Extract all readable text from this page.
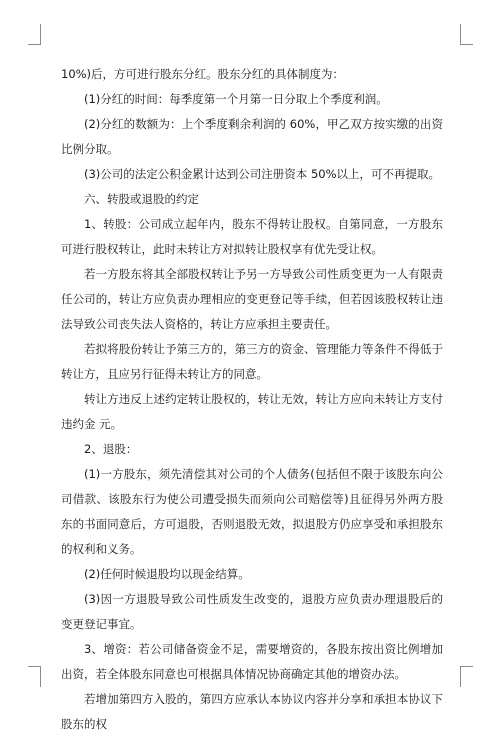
10%)后，方可进行股东分红。股东分红的具体制度为：

(1)分红的时间：每季度第一个月第一日分取上个季度利润。

(2)分红的数额为：上个季度剩余利润的 60%，甲乙双方按实缴的出资比例分取。

(3)公司的法定公积金累计达到公司注册资本 50%以上，可不再提取。

六、转股或退股的约定

1、转股：公司成立起年内，股东不得转让股权。自第同意，一方股东可进行股权转让，此时未转让方对拟转让股权享有优先受让权。

若一方股东将其全部股权转让予另一方导致公司性质变更为一人有限责任公司的，转让方应负责办理相应的变更登记等手续，但若因该股权转让违法导致公司丧失法人资格的，转让方应承担主要责任。

若拟将股份转让予第三方的，第三方的资金、管理能力等条件不得低于转让方，且应另行征得未转让方的同意。

转让方违反上述约定转让股权的，转让无效，转让方应向未转让方支付违约金 元。

2、退股：

(1)一方股东，须先清偿其对公司的个人债务(包括但不限于该股东向公司借款、该股东行为使公司遭受损失而须向公司赔偿等)且征得另外两方股东的书面同意后，方可退股，否则退股无效，拟退股方仍应享受和承担股东的权利和义务。

(2)任何时候退股均以现金结算。

(3)因一方退股导致公司性质发生改变的，退股方应负责办理退股后的变更登记事宜。

3、增资：若公司储备资金不足，需要增资的，各股东按出资比例增加出资，若全体股东同意也可根据具体情况协商确定其他的增资办法。

若增加第四方入股的，第四方应承认本协议内容并分享和承担本协议下股东的权
